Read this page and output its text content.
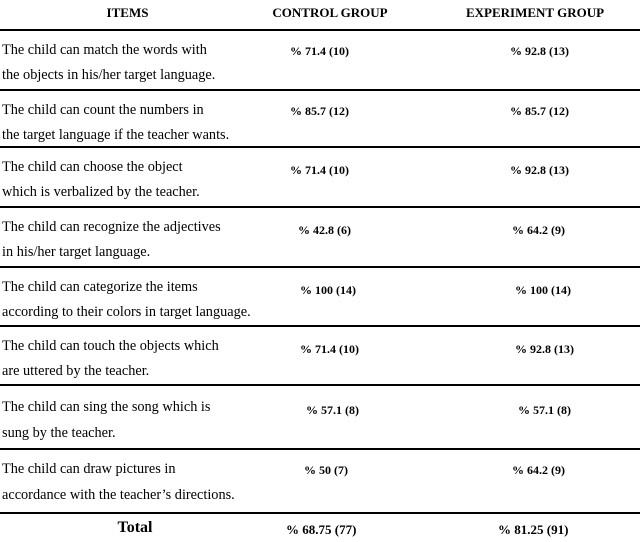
ITEMS	CONTROL GROUP	EXPERIMENT GROUP
The child can match the words with
the objects in his/her target language.
% 71.4 (10)	% 92.8 (13)
The child can count the numbers in
the target language if the teacher wants.
% 85.7 (12)	% 85.7 (12)
The child can choose the object
which is verbalized by the teacher.
% 71.4 (10)	% 92.8 (13)
The child can recognize the adjectives
in his/her target language.
% 42.8 (6)	% 64.2 (9)
The child can categorize the items
according to their colors in target language.
% 100 (14)	% 100 (14)
The child can touch the objects which
are uttered by the teacher.
% 71.4 (10)	% 92.8 (13)
The child can sing the song which is
sung by the teacher.
% 57.1 (8)	% 57.1 (8)
The child can draw pictures in
accordance with the teacher’s directions.
% 50 (7)	% 64.2 (9)
Total	% 68.75 (77)	% 81.25 (91)
